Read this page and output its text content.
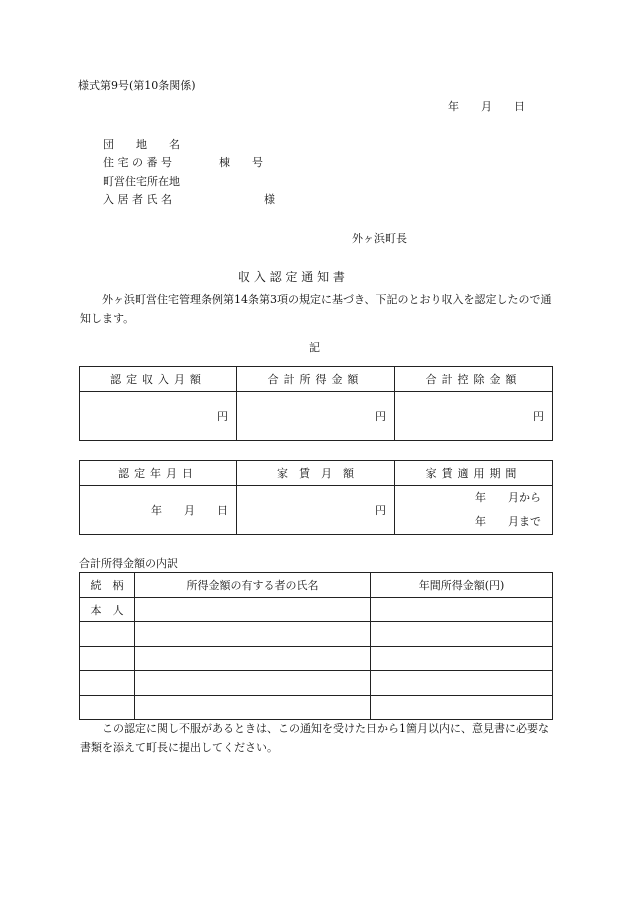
様式第9号(第10条関係)
年　　月　　日
団　　地　　名
住 宅 の 番 号	棟　　号
町営住宅所在地
入 居 者 氏 名	様
外ヶ浜町長
収 入 認 定 通 知 書
外ヶ浜町営住宅管理条例第14条第3項の規定に基づき、下記のとおり収入を認定したので通知します。
記
認定収入月額	合計所得金額	合計控除金額
円	円	円
認定年月日	家　賃　月　額	家賃適用期間
年　　月　　日	円	年　　月から
年　　月まで
合計所得金額の内訳
続　柄	所得金額の有する者の氏名	年間所得金額(円)
本　人		

この認定に関し不服があるときは、この通知を受けた日から1箇月以内に、意見書に必要な書類を添えて町長に提出してください。
